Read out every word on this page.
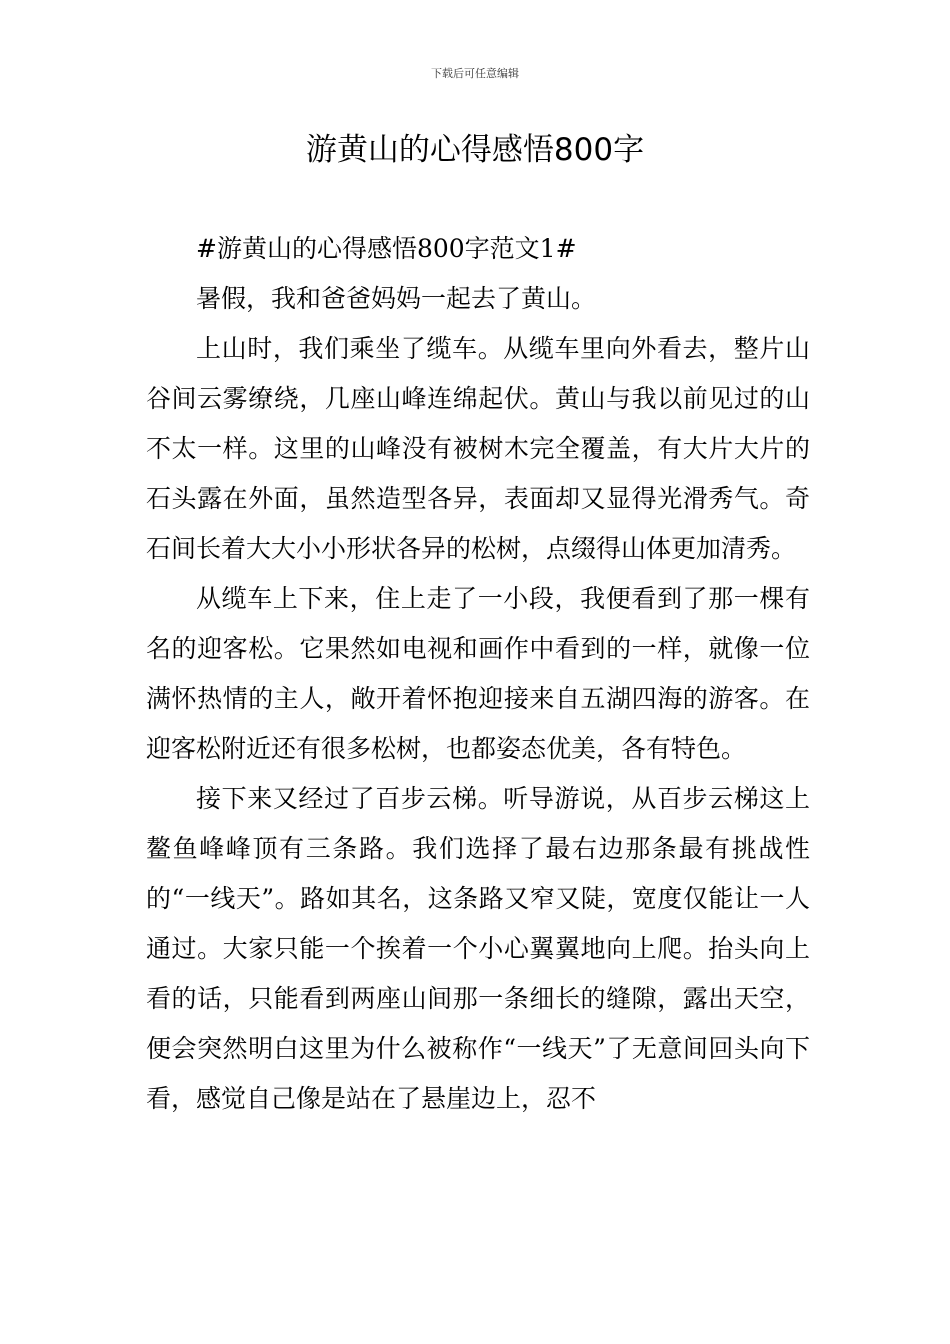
下载后可任意编辑
游黄山的心得感悟800字

#游黄山的心得感悟800字范文1#

暑假，我和爸爸妈妈一起去了黄山。

上山时，我们乘坐了缆车。从缆车里向外看去，整片山谷间云雾缭绕，几座山峰连绵起伏。黄山与我以前见过的山不太一样。这里的山峰没有被树木完全覆盖，有大片大片的石头露在外面，虽然造型各异，表面却又显得光滑秀气。奇石间长着大大小小形状各异的松树，点缀得山体更加清秀。

从缆车上下来，住上走了一小段，我便看到了那一棵有名的迎客松。它果然如电视和画作中看到的一样，就像一位满怀热情的主人，敞开着怀抱迎接来自五湖四海的游客。在迎客松附近还有很多松树，也都姿态优美，各有特色。

接下来又经过了百步云梯。听导游说，从百步云梯这上鳌鱼峰峰顶有三条路。我们选择了最右边那条最有挑战性的“一线天”。路如其名，这条路又窄又陡，宽度仅能让一人通过。大家只能一个挨着一个小心翼翼地向上爬。抬头向上看的话，只能看到两座山间那一条细长的缝隙，露出天空，便会突然明白这里为什么被称作“一线天”了无意间回头向下看，感觉自己像是站在了悬崖边上，忍不
